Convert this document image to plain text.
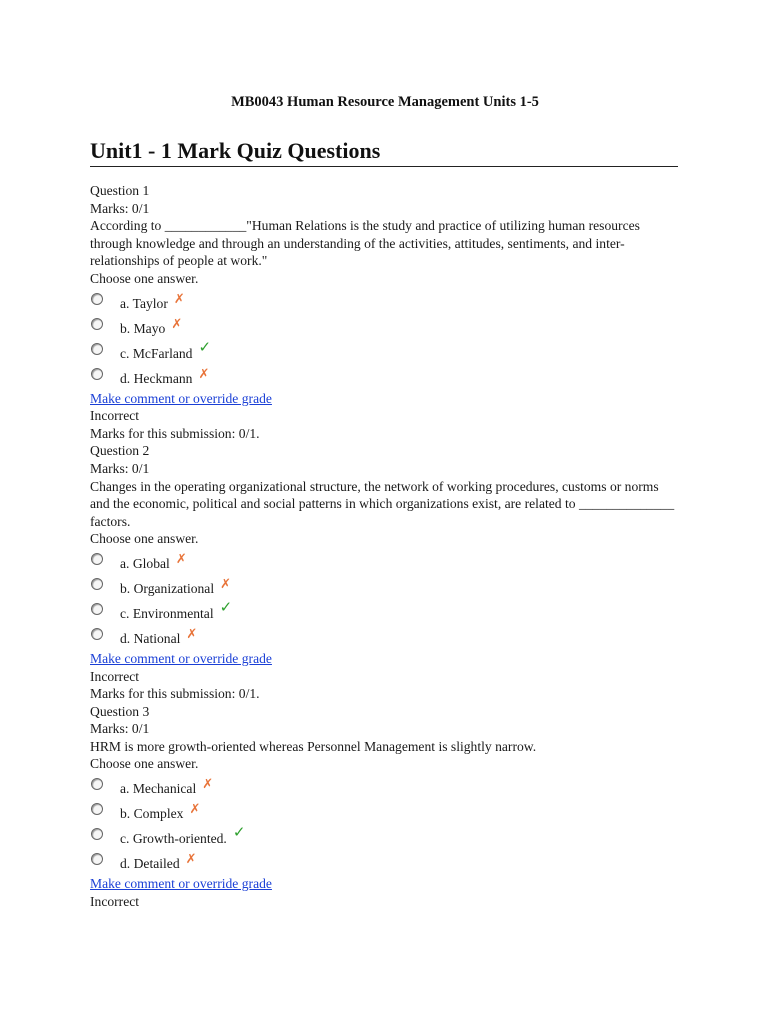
MB0043 Human Resource Management Units 1-5
Unit1 - 1 Mark Quiz Questions
Question 1
Marks: 0/1
According to ____________"Human Relations is the study and practice of utilizing human resources through knowledge and through an understanding of the activities, attitudes, sentiments, and inter-relationships of people at work."
Choose one answer.
a. Taylor ✗
b. Mayo ✗
c. McFarland ✓
d. Heckmann ✗
Make comment or override grade
Incorrect
Marks for this submission: 0/1.
Question 2
Marks: 0/1
Changes in the operating organizational structure, the network of working procedures, customs or norms and the economic, political and social patterns in which organizations exist, are related to ______________ factors.
Choose one answer.
a. Global ✗
b. Organizational ✗
c. Environmental ✓
d. National ✗
Make comment or override grade
Incorrect
Marks for this submission: 0/1.
Question 3
Marks: 0/1
HRM is more growth-oriented whereas Personnel Management is slightly narrow.
Choose one answer.
a. Mechanical ✗
b. Complex ✗
c. Growth-oriented. ✓
d. Detailed ✗
Make comment or override grade
Incorrect
